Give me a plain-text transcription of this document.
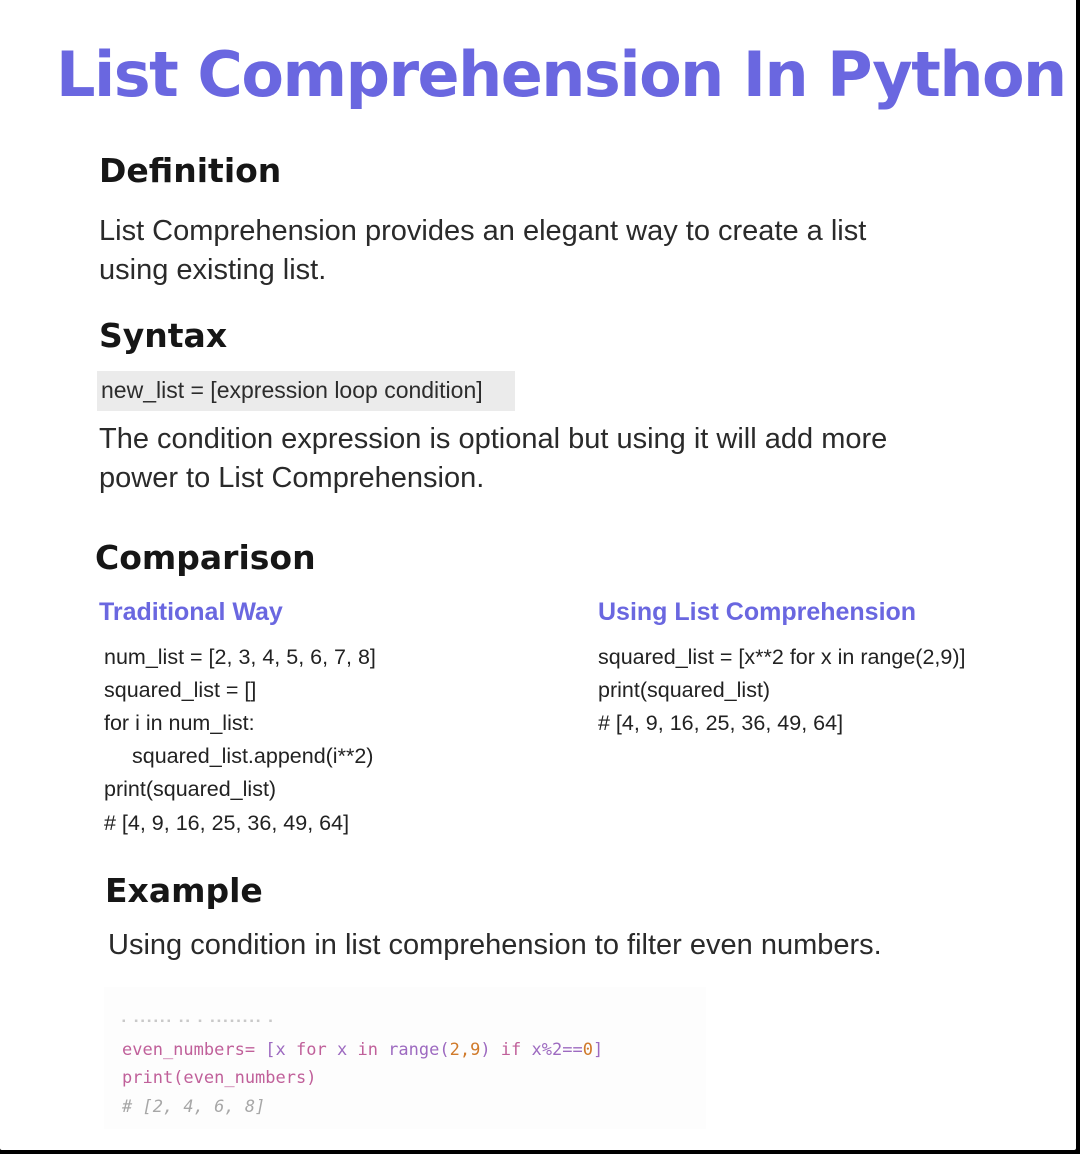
List Comprehension In Python
Definition
List Comprehension provides an elegant way to create a list
using existing list.
Syntax
new_list = [expression loop condition]
The condition expression is optional but using it will add more
power to List Comprehension.
Comparison
Traditional Way
num_list = [2, 3, 4, 5, 6, 7, 8]
squared_list = []
for i in num_list:
squared_list.append(i**2)
print(squared_list)
# [4, 9, 16, 25, 36, 49, 64]
Using List Comprehension
squared_list = [x**2 for x in range(2,9)]
print(squared_list)
# [4, 9, 16, 25, 36, 49, 64]
Example
Using condition in list comprehension to filter even numbers.
▪ ▪▪▪▪▪▪ ▪▪ ▪ ▪▪▪▪▪▪▪▪ ▪
even_numbers= [x for x in range(2,9) if x%2==0]
print(even_numbers)
# [2, 4, 6, 8]
